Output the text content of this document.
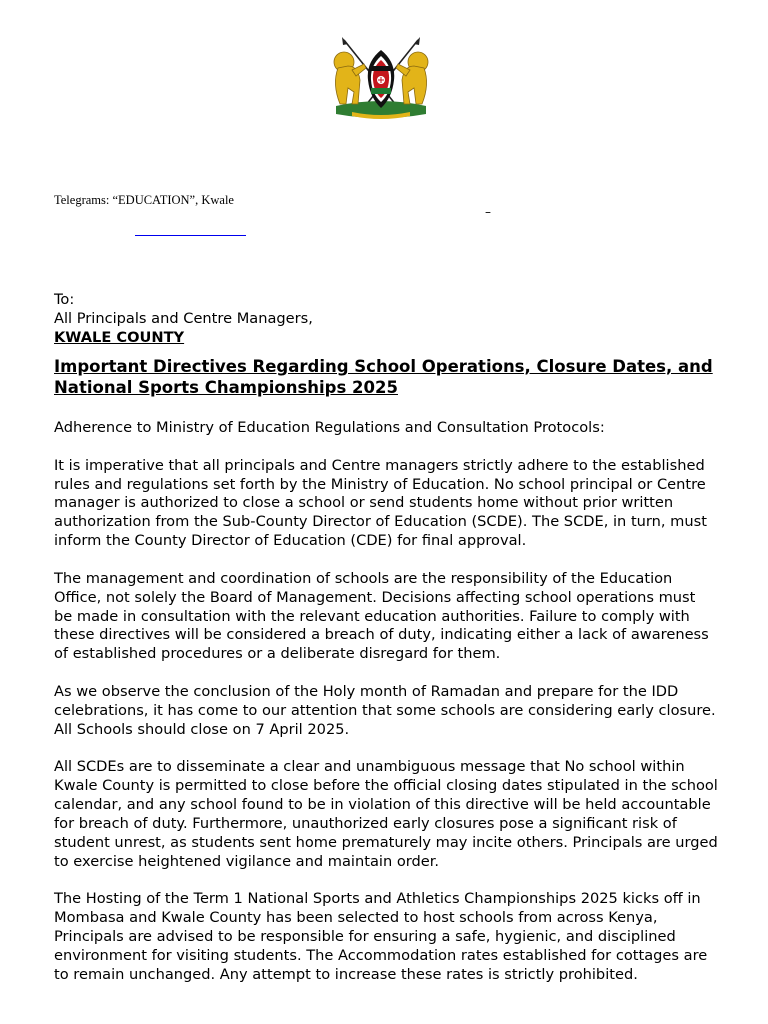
Telegrams: “EDUCATION”, Kwale
–
To:
All Principals and Centre Managers,
KWALE COUNTY
Important Directives Regarding School Operations, Closure Dates, and National Sports Championships 2025

Adherence to Ministry of Education Regulations and Consultation Protocols:

It is imperative that all principals and Centre managers strictly adhere to the established rules and regulations set forth by the Ministry of Education. No school principal or Centre manager is authorized to close a school or send students home without prior written authorization from the Sub-County Director of Education (SCDE). The SCDE, in turn, must inform the County Director of Education (CDE) for final approval.

The management and coordination of schools are the responsibility of the Education Office, not solely the Board of Management. Decisions affecting school operations must be made in consultation with the relevant education authorities. Failure to comply with these directives will be considered a breach of duty, indicating either a lack of awareness of established procedures or a deliberate disregard for them.

As we observe the conclusion of the Holy month of Ramadan and prepare for the IDD celebrations, it has come to our attention that some schools are considering early closure. All Schools should close on 7 April 2025.

All SCDEs are to disseminate a clear and unambiguous message that No school within Kwale County is permitted to close before the official closing dates stipulated in the school calendar, and any school found to be in violation of this directive will be held accountable for breach of duty. Furthermore, unauthorized early closures pose a significant risk of student unrest, as students sent home prematurely may incite others. Principals are urged to exercise heightened vigilance and maintain order.

The Hosting of the Term 1 National Sports and Athletics Championships 2025 kicks off in Mombasa and Kwale County has been selected to host schools from across Kenya, Principals are advised to be responsible for ensuring a safe, hygienic, and disciplined environment for visiting students. The Accommodation rates established for cottages are to remain unchanged. Any attempt to increase these rates is strictly prohibited.
